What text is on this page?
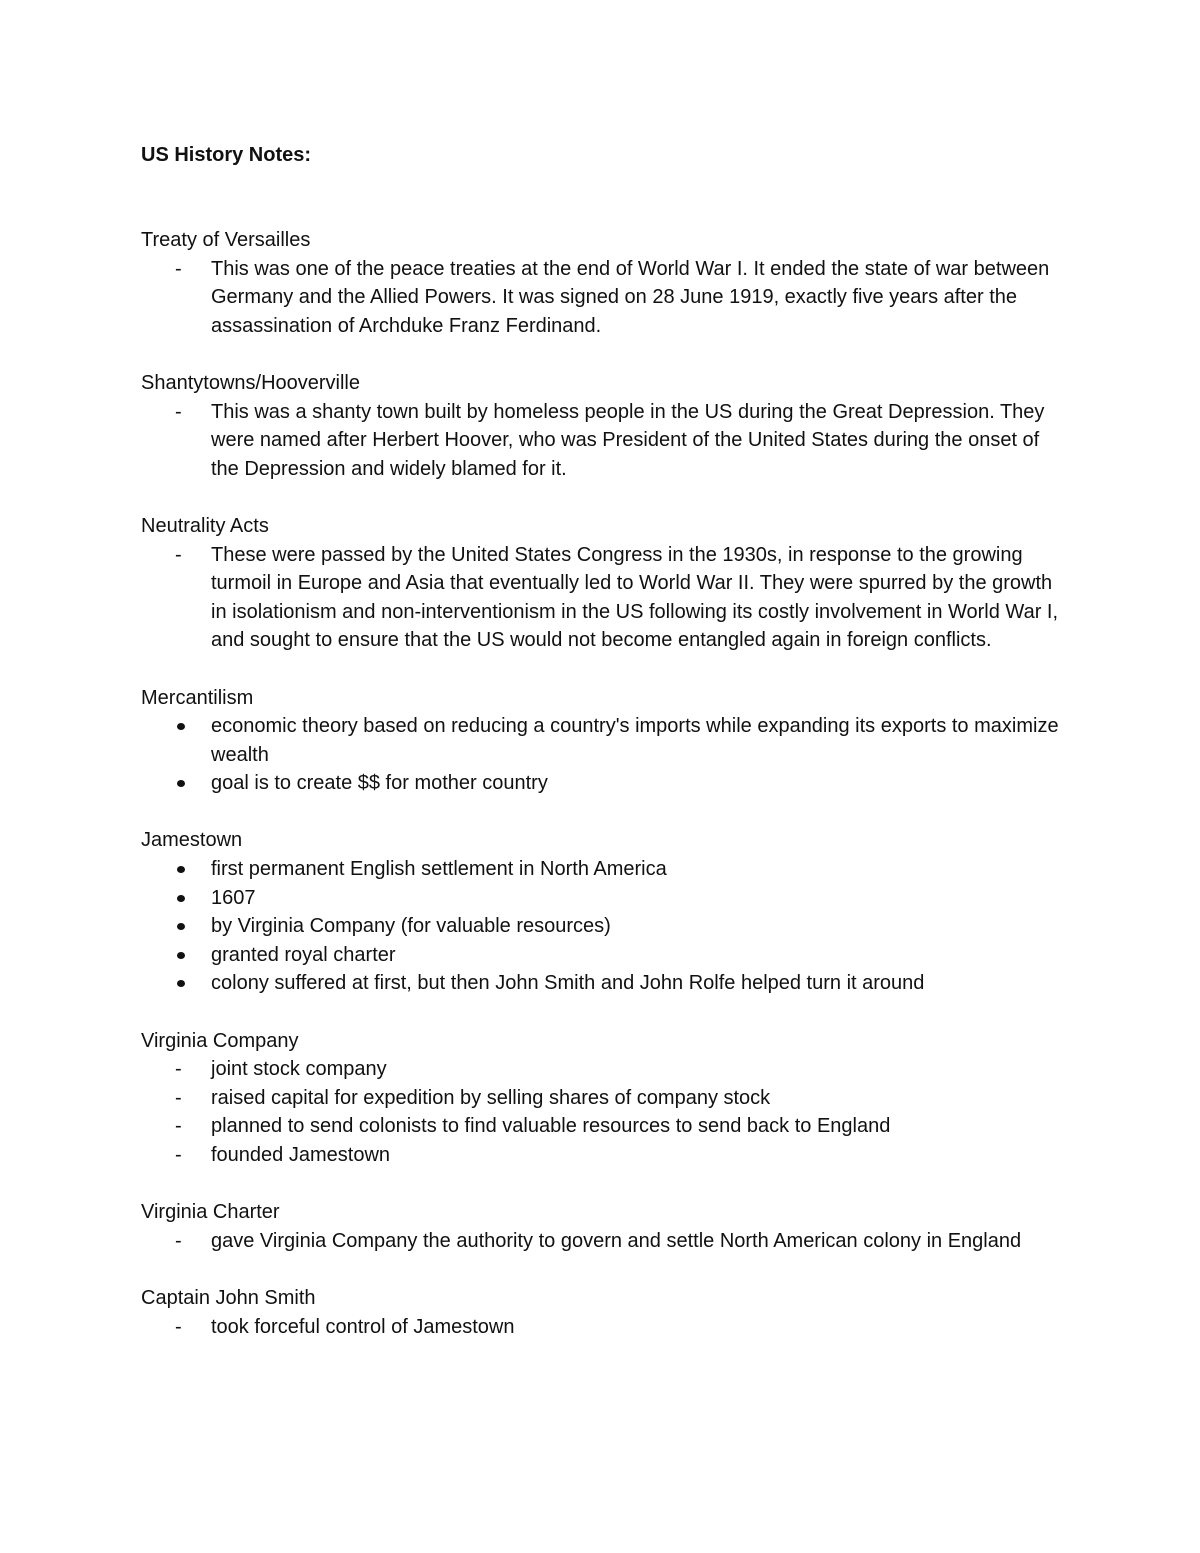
US History Notes:
Treaty of Versailles
-	This was one of the peace treaties at the end of World War I. It ended the state of war between Germany and the Allied Powers. It was signed on 28 June 1919, exactly five years after the assassination of Archduke Franz Ferdinand.
Shantytowns/Hooverville
-	This was a shanty town built by homeless people in the US during the Great Depression. They were named after Herbert Hoover, who was President of the United States during the onset of the Depression and widely blamed for it.
Neutrality Acts
-	These were passed by the United States Congress in the 1930s, in response to the growing turmoil in Europe and Asia that eventually led to World War II. They were spurred by the growth in isolationism and non-interventionism in the US following its costly involvement in World War I, and sought to ensure that the US would not become entangled again in foreign conflicts.
Mercantilism
economic theory based on reducing a country's imports while expanding its exports to maximize wealth
goal is to create $$ for mother country
Jamestown
first permanent English settlement in North America
1607
by Virginia Company (for valuable resources)
granted royal charter
colony suffered at first, but then John Smith and John Rolfe helped turn it around
Virginia Company
-	joint stock company
-	raised capital for expedition by selling shares of company stock
-	planned to send colonists to find valuable resources to send back to England
-	founded Jamestown
Virginia Charter
-	gave Virginia Company the authority to govern and settle North American colony in England
Captain John Smith
-	took forceful control of Jamestown
